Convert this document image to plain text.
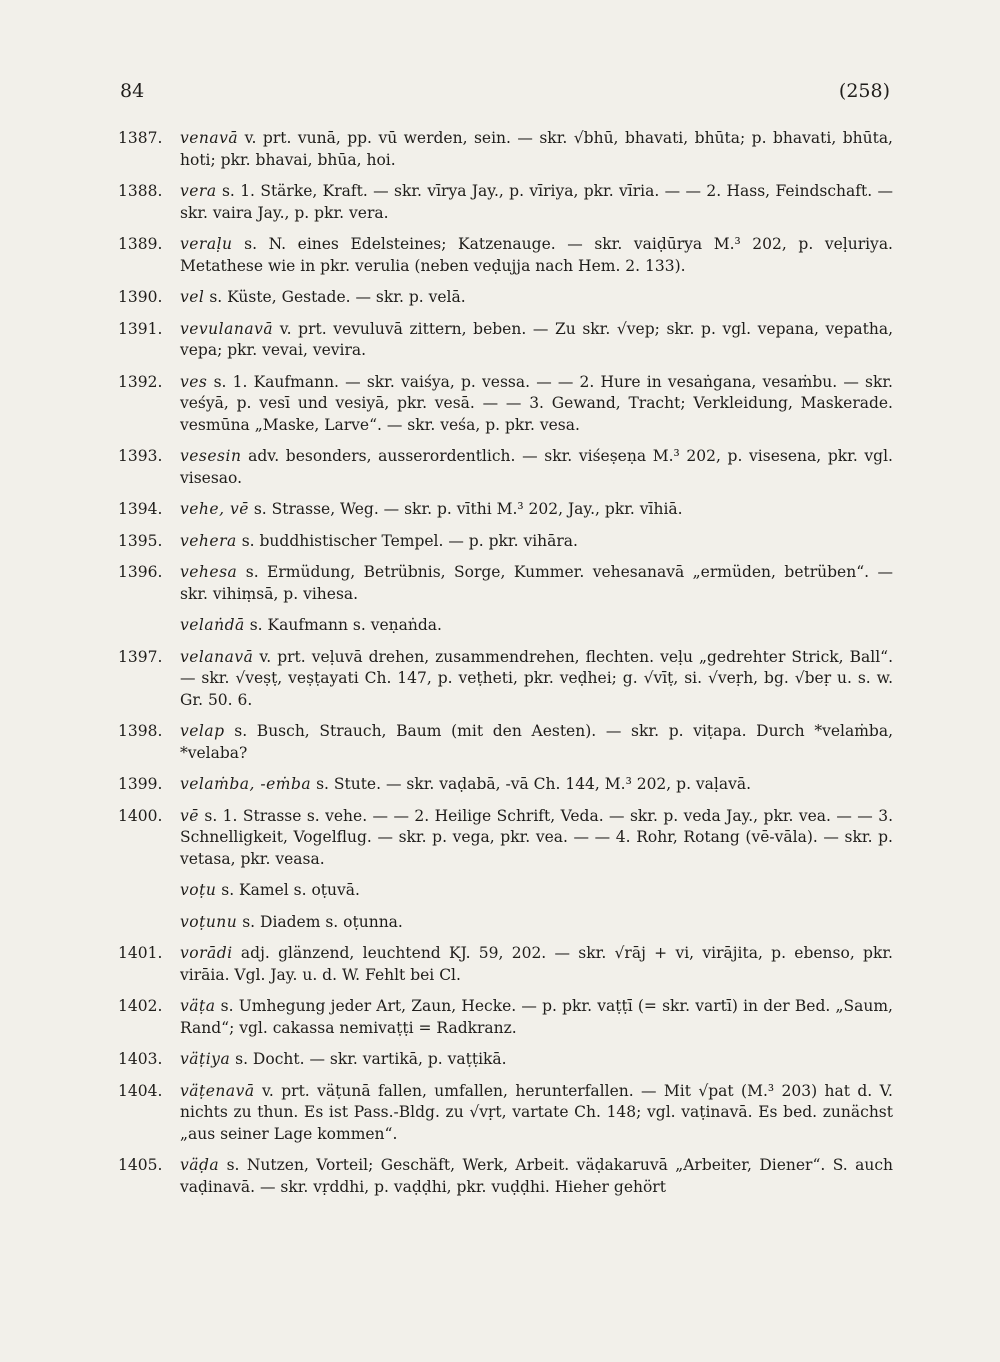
84	(258)
1387.	venavā v. prt. vunā, pp. vū werden, sein. — skr. √bhū, bhavati, bhūta; p. bhavati, bhūta, hoti; pkr. bhavai, bhūa, hoi.
1388.	vera s. 1. Stärke, Kraft. — skr. vīrya Jay., p. vīriya, pkr. vīria. — — 2. Hass, Feindschaft. — skr. vaira Jay., p. pkr. vera.
1389.	veraḷu s. N. eines Edelsteines; Katzenauge. — skr. vaiḍūrya M.³ 202, p. veḷuriya. Metathese wie in pkr. verulia (neben veḍujja nach Hem. 2. 133).
1390.	vel s. Küste, Gestade. — skr. p. velā.
1391.	vevulanavā v. prt. vevuluvā zittern, beben. — Zu skr. √vep; skr. p. vgl. vepana, vepatha, vepa; pkr. vevai, vevira.
1392.	ves s. 1. Kaufmann. — skr. vaiśya, p. vessa. — — 2. Hure in vesaṅgana, vesaṁbu. — skr. veśyā, p. vesī und vesiyā, pkr. vesā. — — 3. Gewand, Tracht; Verkleidung, Maskerade. vesmūna „Maske, Larve“. — skr. veśa, p. pkr. vesa.
1393.	vesesin adv. besonders, ausserordentlich. — skr. viśeṣeṇa M.³ 202, p. visesena, pkr. vgl. visesao.
1394.	vehe, vē s. Strasse, Weg. — skr. p. vīthi M.³ 202, Jay., pkr. vīhiā.
1395.	vehera s. buddhistischer Tempel. — p. pkr. vihāra.
1396.	vehesa s. Ermüdung, Betrübnis, Sorge, Kummer. vehesanavā „ermüden, betrüben“. — skr. vihiṃsā, p. vihesa.
velaṅdā s. Kaufmann s. veṇaṅda.
1397.	velanavā v. prt. veḷuvā drehen, zusammendrehen, flechten. veḷu „gedrehter Strick, Ball“. — skr. √veṣṭ, veṣṭayati Ch. 147, p. veṭheti, pkr. veḍhei; g. √vīṭ, si. √veṛh, bg. √beṛ u. s. w. Gr. 50. 6.
1398.	velap s. Busch, Strauch, Baum (mit den Aesten). — skr. p. viṭapa. Durch *velaṁba, *velaba?
1399.	velaṁba, -eṁba s. Stute. — skr. vaḍabā, -vā Ch. 144, M.³ 202, p. vaḷavā.
1400.	vē s. 1. Strasse s. vehe. — — 2. Heilige Schrift, Veda. — skr. p. veda Jay., pkr. vea. — — 3. Schnelligkeit, Vogelflug. — skr. p. vega, pkr. vea. — — 4. Rohr, Rotang (vē-vāla). — skr. p. vetasa, pkr. veasa.
voṭu s. Kamel s. oṭuvā.
voṭunu s. Diadem s. oṭunna.
1401.	vorādi adj. glänzend, leuchtend KJ. 59, 202. — skr. √rāj + vi, virājita, p. ebenso, pkr. virāia. Vgl. Jay. u. d. W. Fehlt bei Cl.
1402.	väṭa s. Umhegung jeder Art, Zaun, Hecke. — p. pkr. vaṭṭī (= skr. vartī) in der Bed. „Saum, Rand“; vgl. cakassa nemivaṭṭi = Radkranz.
1403.	väṭiya s. Docht. — skr. vartikā, p. vaṭṭikā.
1404.	väṭenavā v. prt. väṭunā fallen, umfallen, herunterfallen. — Mit √pat (M.³ 203) hat d. V. nichts zu thun. Es ist Pass.-Bldg. zu √vṛt, vartate Ch. 148; vgl. vaṭinavā. Es bed. zunächst „aus seiner Lage kommen“.
1405.	väḍa s. Nutzen, Vorteil; Geschäft, Werk, Arbeit. väḍakaruvā „Arbeiter, Diener“. S. auch vaḍinavā. — skr. vṛddhi, p. vaḍḍhi, pkr. vuḍḍhi. Hieher gehört
